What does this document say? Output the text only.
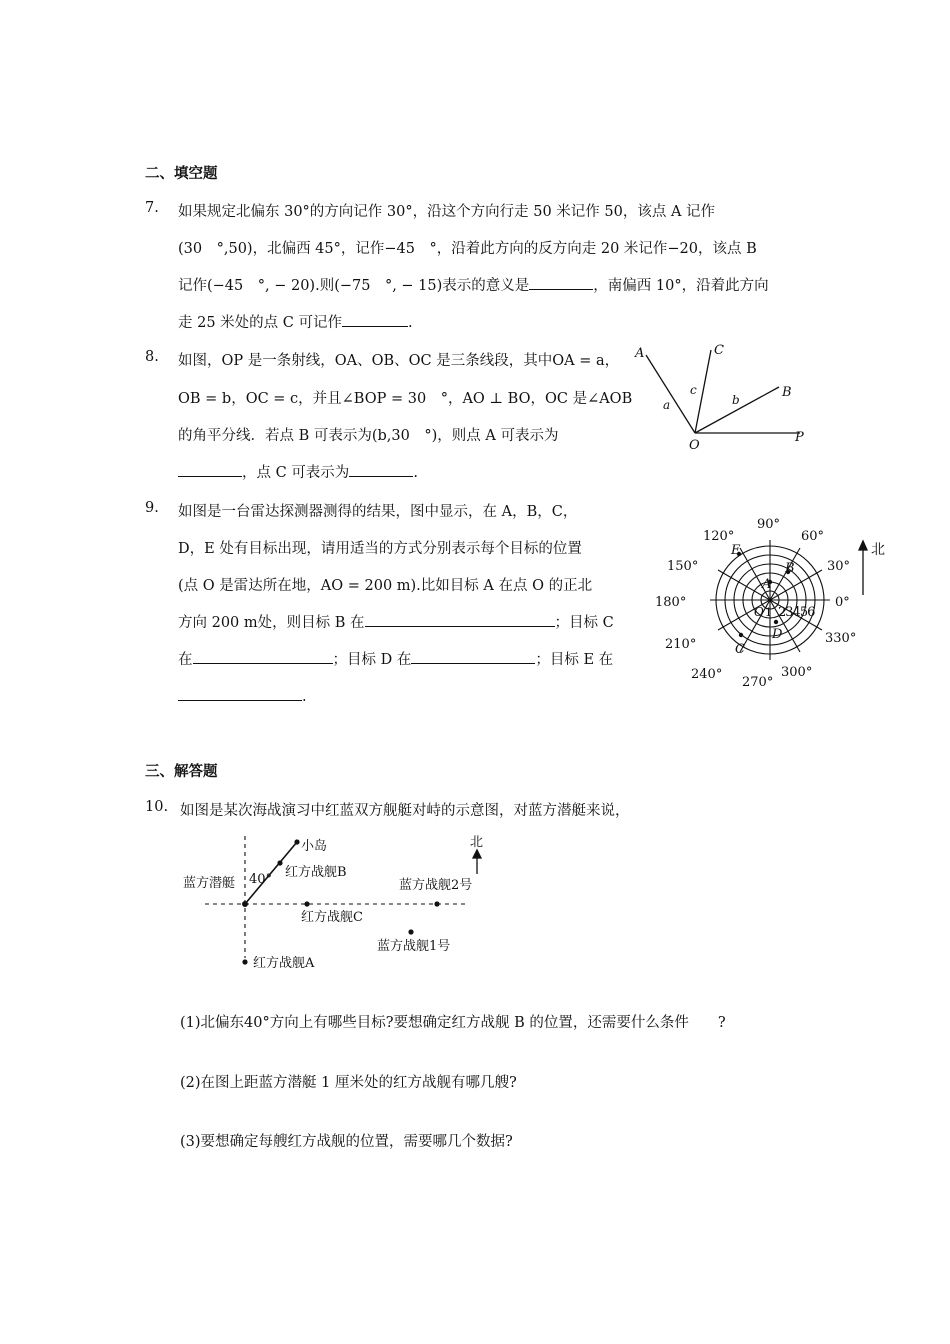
二、填空题
7. 如果规定北偏东 30°的方向记作 30°，沿这个方向行走 50 米记作 50，该点 A 记作
(30　°,50)，北偏西 45°，记作−45　°，沿着此方向的反方向走 20 米记作−20，该点 B
记作(−45　°, − 20).则(−75　°, − 15)表示的意义是	，南偏西 10°，沿着此方向
走 25 米处的点 C 可记作	.
8. 如图，OP 是一条射线，OA、OB、OC 是三条线段，其中OA = a，
OB = b，OC = c，并且∠BOP = 30　°，AO ⊥ BO，OC 是∠AOB
的角平分线．若点 B 可表示为(b,30　°)，则点 A 可表示为
，点 C 可表示为	.
A	C
B
O
P
a
c
b
9. 如图是一台雷达探测器测得的结果，图中显示，在 A，B，C，
D，E 处有目标出现，请用适当的方式分别表示每个目标的位置
(点 O 是雷达所在地，AO = 200 m).比如目标 A 在点 O 的正北
方向 200 m处，则目标 B 在	；目标 C
在	；目标 D 在	；目标 E 在
.
90°
120°	60°
150°	30°
180°	0°
210°	330°
240°
270°
300°
23456
O 1
A
B
C
D
E	北
三、解答题
10. 如图是某次海战演习中红蓝双方舰艇对峙的示意图，对蓝方潜艇来说，
小岛
蓝方潜艇 40° 红方战舰B
蓝方战舰2号
红方战舰C
蓝方战舰1号
红方战舰A
北
(1)北偏东40°方向上有哪些目标?要想确定红方战舰 B 的位置，还需要什么条件　　?
(2)在图上距蓝方潜艇 1 厘米处的红方战舰有哪几艘?
(3)要想确定每艘红方战舰的位置，需要哪几个数据?
